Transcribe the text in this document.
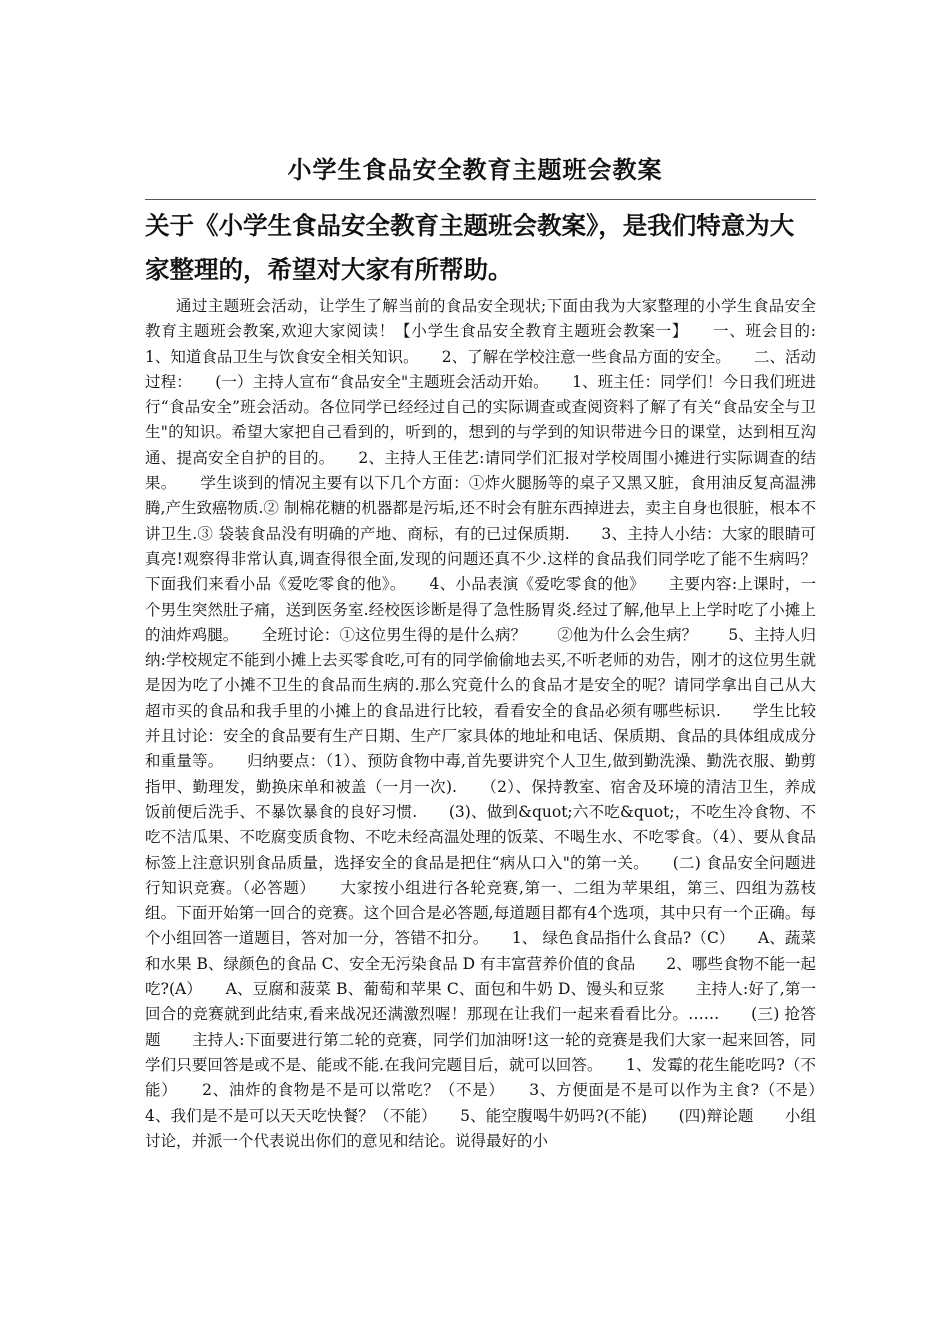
小学生食品安全教育主题班会教案
关于《小学生食品安全教育主题班会教案》，是我们特意为大家整理的，希望对大家有所帮助。
通过主题班会活动，让学生了解当前的食品安全现状;下面由我为大家整理的小学生食品安全教育主题班会教案,欢迎大家阅读！【小学生食品安全教育主题班会教案一】　　一、班会目的:　　1、知道食品卫生与饮食安全相关知识。　　2、了解在学校注意一些食品方面的安全。　　二、活动过程：　　(一）主持人宣布“食品安全"主题班会活动开始。　　1、班主任：同学们！今日我们班进行“食品安全”班会活动。各位同学已经经过自己的实际调查或查阅资料了解了有关“食品安全与卫生"的知识。希望大家把自己看到的，听到的，想到的与学到的知识带进今日的课堂，达到相互沟通、提高安全自护的目的。　　2、主持人王佳艺:请同学们汇报对学校周围小摊进行实际调查的结果。　　学生谈到的情况主要有以下几个方面：①炸火腿肠等的桌子又黑又脏，食用油反复高温沸腾,产生致癌物质.② 制棉花糖的机器都是污垢,还不时会有脏东西掉进去，卖主自身也很脏，根本不讲卫生.③ 袋装食品没有明确的产地、商标，有的已过保质期.　　3、主持人小结：大家的眼睛可真亮!观察得非常认真,调查得很全面,发现的问题还真不少.这样的食品我们同学吃了能不生病吗？下面我们来看小品《爱吃零食的他》。　　4、小品表演《爱吃零食的他》　　主要内容:上课时，一个男生突然肚子痛，送到医务室.经校医诊断是得了急性肠胃炎.经过了解,他早上上学时吃了小摊上的油炸鸡腿。　　全班讨论：①这位男生得的是什么病？　　②他为什么会生病？　　5、主持人归纳:学校规定不能到小摊上去买零食吃,可有的同学偷偷地去买,不听老师的劝告，刚才的这位男生就是因为吃了小摊不卫生的食品而生病的.那么究竟什么的食品才是安全的呢？请同学拿出自己从大超市买的食品和我手里的小摊上的食品进行比较，看看安全的食品必须有哪些标识.　　学生比较并且讨论：安全的食品要有生产日期、生产厂家具体的地址和电话、保质期、食品的具体组成成分和重量等。　　归纳要点：（1）、预防食物中毒,首先要讲究个人卫生,做到勤洗澡、勤洗衣服、勤剪指甲、勤理发，勤换床单和被盖（一月一次).　　（2）、保持教室、宿舍及环境的清洁卫生，养成饭前便后洗手、不暴饮暴食的良好习惯.　　(3)、做到&quot;六不吃&quot;，不吃生冷食物、不吃不洁瓜果、不吃腐变质食物、不吃未经高温处理的饭菜、不喝生水、不吃零食。（4）、要从食品标签上注意识别食品质量，选择安全的食品是把住“病从口入"的第一关。　　(二) 食品安全问题进行知识竞赛。（必答题）　　大家按小组进行各轮竞赛,第一、二组为苹果组，第三、四组为荔枝组。下面开始第一回合的竞赛。这个回合是必答题,每道题目都有4个选项，其中只有一个正确。每个小组回答一道题目，答对加一分，答错不扣分。　　1、 绿色食品指什么食品?（C）　　A、蔬菜和水果 B、绿颜色的食品 C、安全无污染食品 D 有丰富营养价值的食品　　2、哪些食物不能一起吃?(A）　　A、豆腐和菠菜 B、葡萄和苹果 C、面包和牛奶 D、馒头和豆浆　　主持人:好了,第一回合的竞赛就到此结束,看来战况还满激烈喔！那现在让我们一起来看看比分。……　　(三) 抢答题　　主持人:下面要进行第二轮的竞赛，同学们加油呀!这一轮的竞赛是我们大家一起来回答，同学们只要回答是或不是、能或不能.在我问完题目后，就可以回答。　　1、发霉的花生能吃吗?（不能）　　2、油炸的食物是不是可以常吃？（不是）　　3、方便面是不是可以作为主食?（不是）　　4、我们是不是可以天天吃快餐？（不能）　　5、能空腹喝牛奶吗?(不能)　　(四)辩论题　　小组讨论，并派一个代表说出你们的意见和结论。说得最好的小
